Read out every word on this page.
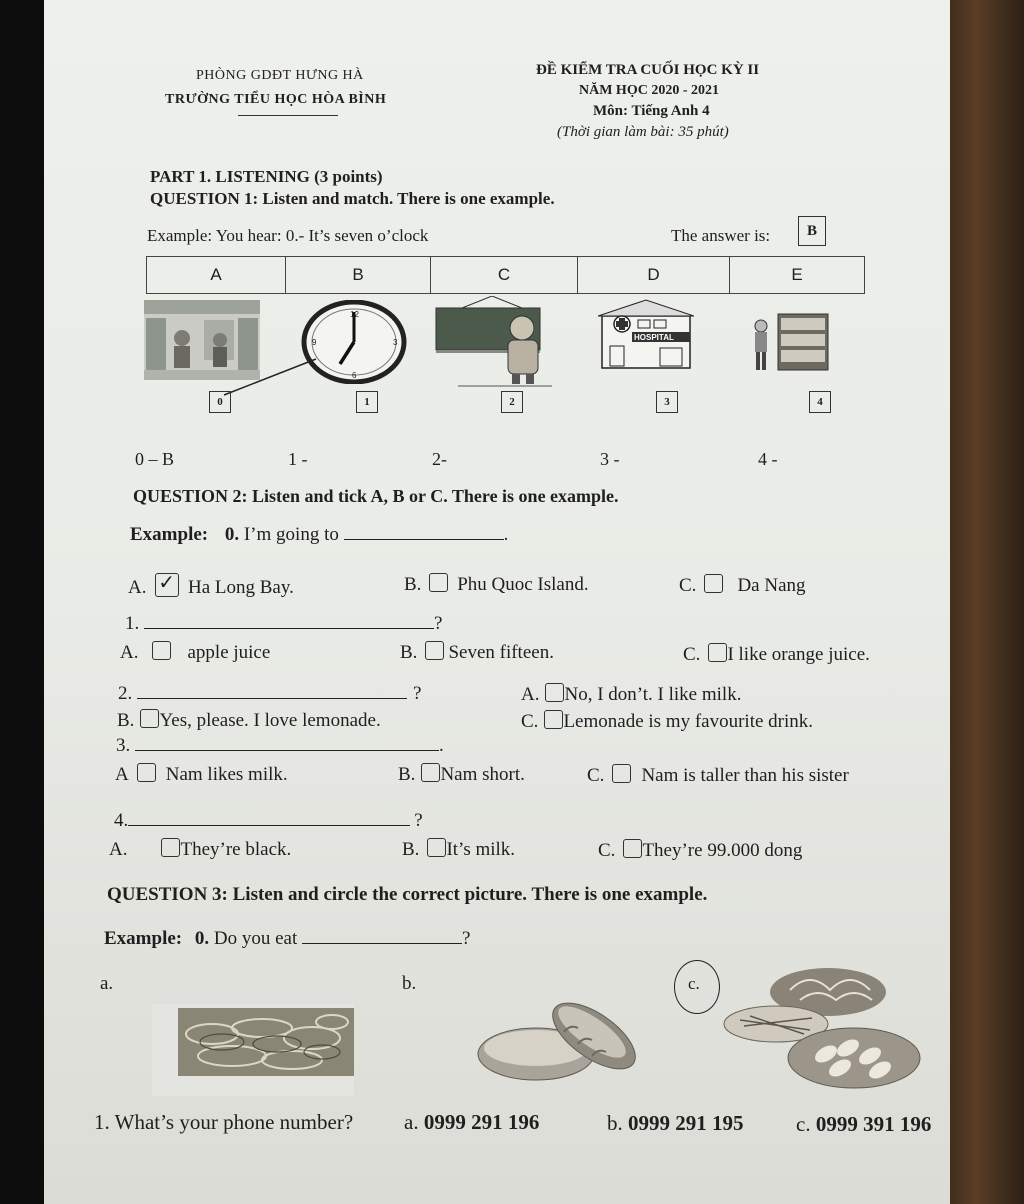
PHÒNG GDĐT HƯNG HÀ
TRƯỜNG TIỂU HỌC HÒA BÌNH
ĐỀ KIỂM TRA CUỐI HỌC KỲ II
NĂM HỌC 2020 - 2021
Môn: Tiếng Anh 4
(Thời gian làm bài: 35 phút)
PART 1. LISTENING (3 points)
QUESTION 1: Listen and match. There is one example.
Example: You hear: 0.- It’s seven o’clock	The answer is:	B
A	B	C	D	E
12
3
6
9
HOSPITAL
0	1	2	3	4
0 – B	1 -	2-	3 -	4 -
QUESTION 2: Listen and tick A, B or C. There is one example.
Example: 0. I’m going to	.
A. ✓ Ha Long Bay.	B. Phu Quoc Island.	C. Da Nang
1.	?
A.	apple juice	B. Seven fifteen.	C. I like orange juice.
2.	?	A. No, I don’t. I like milk.
B. Yes, please. I love lemonade.	C. Lemonade is my favourite drink.
3.	.
A Nam likes milk.	B. Nam short.	C. Nam is taller than his sister
4.	?
A.	They’re black.	B. It’s milk.	C. They’re 99.000 dong
QUESTION 3: Listen and circle the correct picture. There is one example.
Example: 0. Do you eat	?
a.	b.	c.
1. What’s your phone number? a. 0999 291 196	b. 0999 291 195	c. 0999 391 196
